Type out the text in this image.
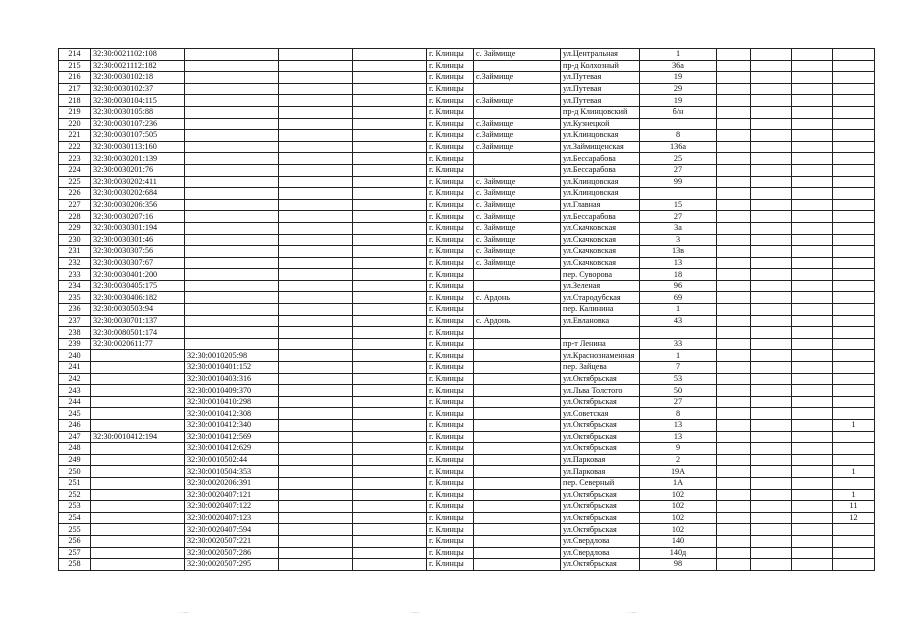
214	32:30:0021102:108				г. Клинцы	с. Займище	ул.Центральная	1				
215	32:30:0021112:182				г. Клинцы		пр-д Колхозный	36а				
216	32:30:0030102:18				г. Клинцы	с.Займище	ул.Путевая	19				
217	32:30:0030102:37				г. Клинцы		ул.Путевая	29				
218	32:30:0030104:115				г. Клинцы	с.Займище	ул.Путевая	19				
219	32:30:0030105:88				г. Клинцы		пр-д Клинцовский	б/н				
220	32:30:0030107:236				г. Клинцы	с.Займище	ул.Кузнецкой					
221	32:30:0030107:505				г. Клинцы	с.Займище	ул.Клинцовская	8				
222	32:30:0030113:160				г. Клинцы	с.Займище	ул.Займищенская	136а				
223	32:30:0030201:139				г. Клинцы		ул.Бессарабова	25				
224	32:30:0030201:76				г. Клинцы		ул.Бессарабова	27				
225	32:30:0030202:411				г. Клинцы	с. Займище	ул.Клинцовская	99				
226	32:30:0030202:684				г. Клинцы	с. Займище	ул.Клинцовская					
227	32:30:0030206:356				г. Клинцы	с. Займище	ул.Главная	15				
228	32:30:0030207:16				г. Клинцы	с. Займище	ул.Бессарабова	27				
229	32:30:0030301:194				г. Клинцы	с. Займище	ул.Скачковская	3а				
230	32:30:0030301:46				г. Клинцы	с. Займище	ул.Скачковская	3				
231	32:30:0030307:56				г. Клинцы	с. Займище	ул.Скачковская	13в				
232	32:30:0030307:67				г. Клинцы	с. Займище	ул.Скачковская	13				
233	32:30:0030401:200				г. Клинцы		пер. Суворова	18				
234	32:30:0030405:175				г. Клинцы		ул.Зеленая	96				
235	32:30:0030406:182				г. Клинцы	с. Ардонь	ул.Стародубская	69				
236	32:30:0030503:94				г. Клинцы		пер. Калинина	1				
237	32:30:0030701:137				г. Клинцы	с. Ардонь	ул.Евлановка	43				
238	32:30:0080501:174				г. Клинцы							
239	32:30:0020611:77				г. Клинцы		пр-т Ленина	33				
240		32:30:0010205:98			г. Клинцы		ул.Краснознаменная	1				
241		32:30:0010401:152			г. Клинцы		пер. Зайцева	7				
242		32:30:0010403:316			г. Клинцы		ул.Октябрьская	53				
243		32:30:0010409:370			г. Клинцы		ул.Льва Толстого	50				
244		32:30:0010410:298			г. Клинцы		ул.Октябрьская	27				
245		32:30:0010412:308			г. Клинцы		ул.Советская	8				
246		32:30:0010412:340			г. Клинцы		ул.Октябрьская	13				1
247	32:30:0010412:194	32:30:0010412:569			г. Клинцы		ул.Октябрьская	13				
248		32:30:0010412:629			г. Клинцы		ул.Октябрьская	9				
249		32:30:0010502:44			г. Клинцы		ул.Парковая	2				
250		32:30:0010504:353			г. Клинцы		ул.Парковая	19А				1
251		32:30:0020206:391			г. Клинцы		пер. Северный	1А				
252		32:30:0020407:121			г. Клинцы		ул.Октябрьская	102				1
253		32:30:0020407:122			г. Клинцы		ул.Октябрьская	102				11
254		32:30:0020407:123			г. Клинцы		ул.Октябрьская	102				12
255		32:30:0020407:594			г. Клинцы		ул.Октябрьская	102				
256		32:30:0020507:221			г. Клинцы		ул.Свердлова	140				
257		32:30:0020507:286			г. Клинцы		ул.Свердлова	140д				
258		32:30:0020507:295			г. Клинцы		ул.Октябрьская	98				
··—	·—·	··—
